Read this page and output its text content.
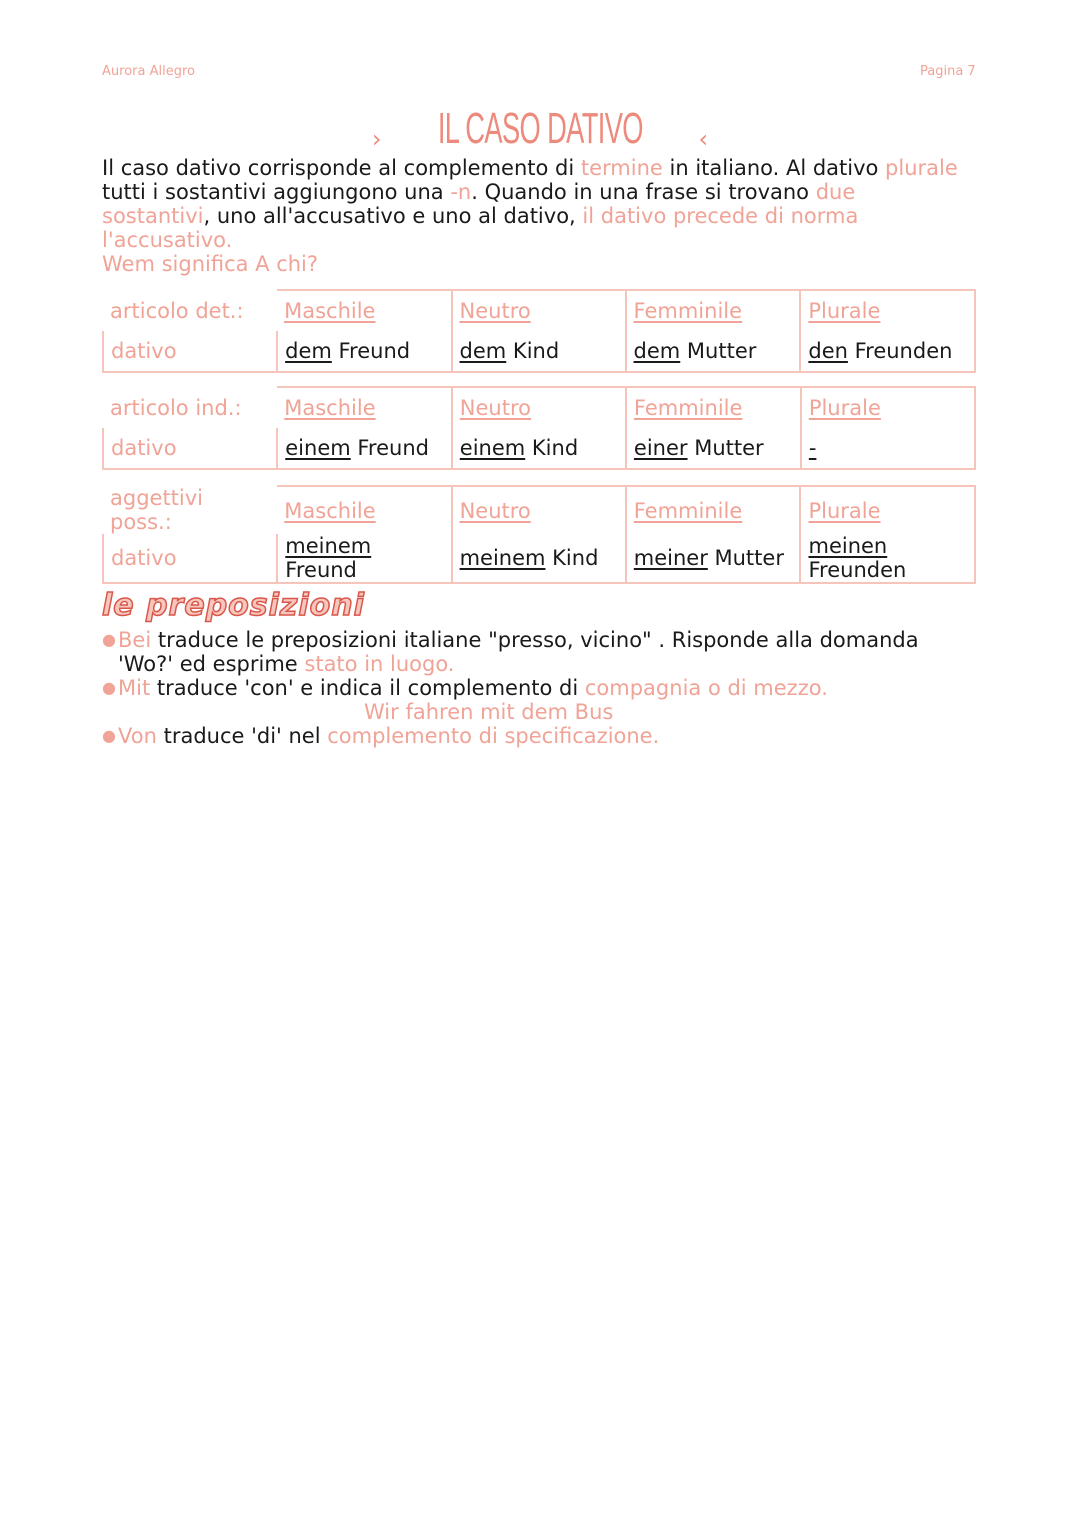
Aurora Allegro	Pagina 7
› IL CASO DATIVO ‹

Il caso dativo corrisponde al complemento di termine in italiano. Al dativo plurale tutti i sostantivi aggiungono una -n. Quando in una frase si trovano due sostantivi, uno all'accusativo e uno al dativo, il dativo precede di norma l'accusativo.

Wem significa A chi?

articolo det.:	Maschile	Neutro	Femminile	Plurale
dativo	dem Freund	dem Kind	dem Mutter	den Freunden
articolo ind.:	Maschile	Neutro	Femminile	Plurale
dativo	einem Freund	einem Kind	einer Mutter	-
aggettivi poss.:	Maschile	Neutro	Femminile	Plurale
dativo	meinem Freund	meinem Kind	meiner Mutter	meinen Freunden
le preposizioni
● Bei traduce le preposizioni italiane "presso, vicino" . Risponde alla domanda 'Wo?' ed esprime stato in luogo.
● Mit traduce 'con' e indica il complemento di compagnia o di mezzo.
Wir fahren mit dem Bus
● Von traduce 'di' nel complemento di specificazione.
